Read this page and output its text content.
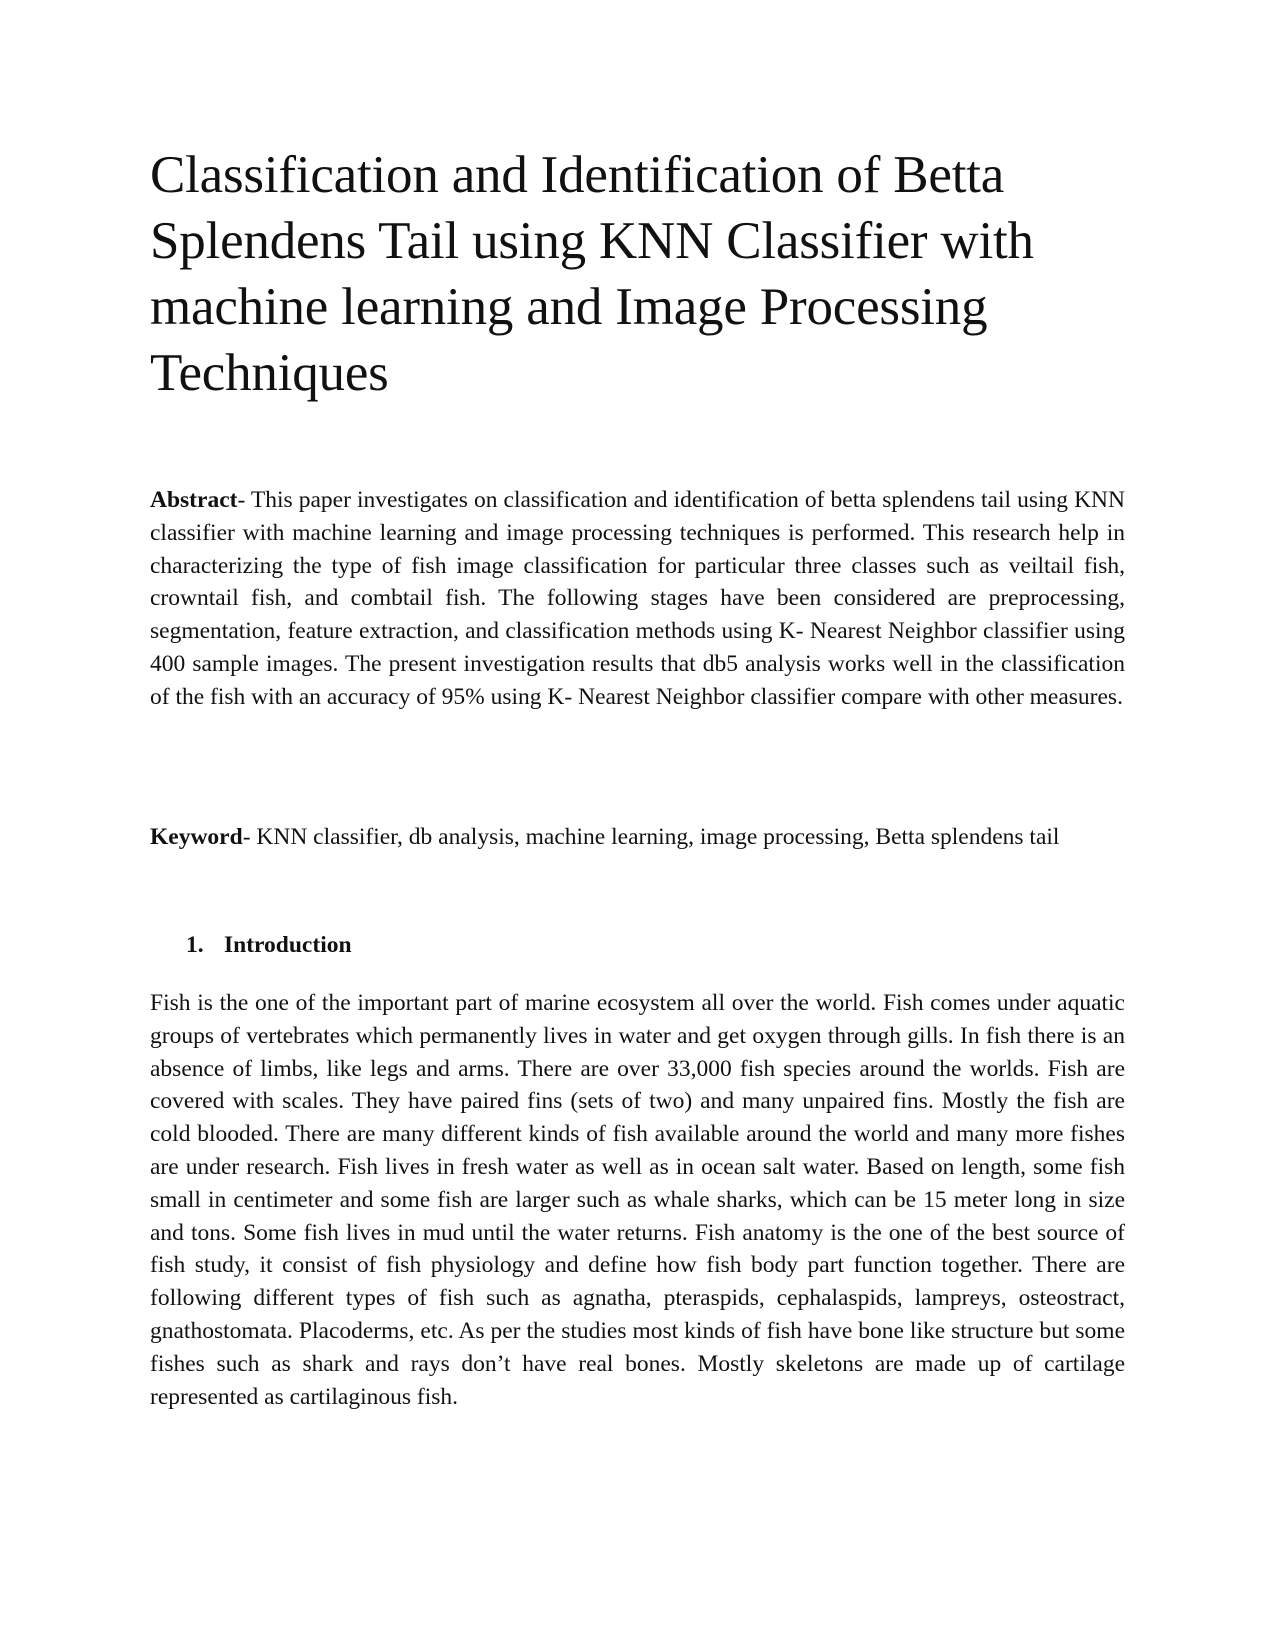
Classification and Identification of Betta Splendens Tail using KNN Classifier with machine learning and Image Processing Techniques

Abstract- This paper investigates on classification and identification of betta splendens tail using KNN classifier with machine learning and image processing techniques is performed. This research help in characterizing the type of fish image classification for particular three classes such as veiltail fish, crowntail fish, and combtail fish. The following stages have been considered are preprocessing, segmentation, feature extraction, and classification methods using K- Nearest Neighbor classifier using 400 sample images. The present investigation results that db5 analysis works well in the classification of the fish with an accuracy of 95% using K- Nearest Neighbor classifier compare with other measures.

Keyword- KNN classifier, db analysis, machine learning, image processing, Betta splendens tail

1. Introduction

Fish is the one of the important part of marine ecosystem all over the world. Fish comes under aquatic groups of vertebrates which permanently lives in water and get oxygen through gills. In fish there is an absence of limbs, like legs and arms. There are over 33,000 fish species around the worlds. Fish are covered with scales. They have paired fins (sets of two) and many unpaired fins. Mostly the fish are cold blooded. There are many different kinds of fish available around the world and many more fishes are under research. Fish lives in fresh water as well as in ocean salt water. Based on length, some fish small in centimeter and some fish are larger such as whale sharks, which can be 15 meter long in size and tons. Some fish lives in mud until the water returns. Fish anatomy is the one of the best source of fish study, it consist of fish physiology and define how fish body part function together. There are following different types of fish such as agnatha, pteraspids, cephalaspids, lampreys, osteostract, gnathostomata. Placoderms, etc. As per the studies most kinds of fish have bone like structure but some fishes such as shark and rays don’t have real bones. Mostly skeletons are made up of cartilage represented as cartilaginous fish.
